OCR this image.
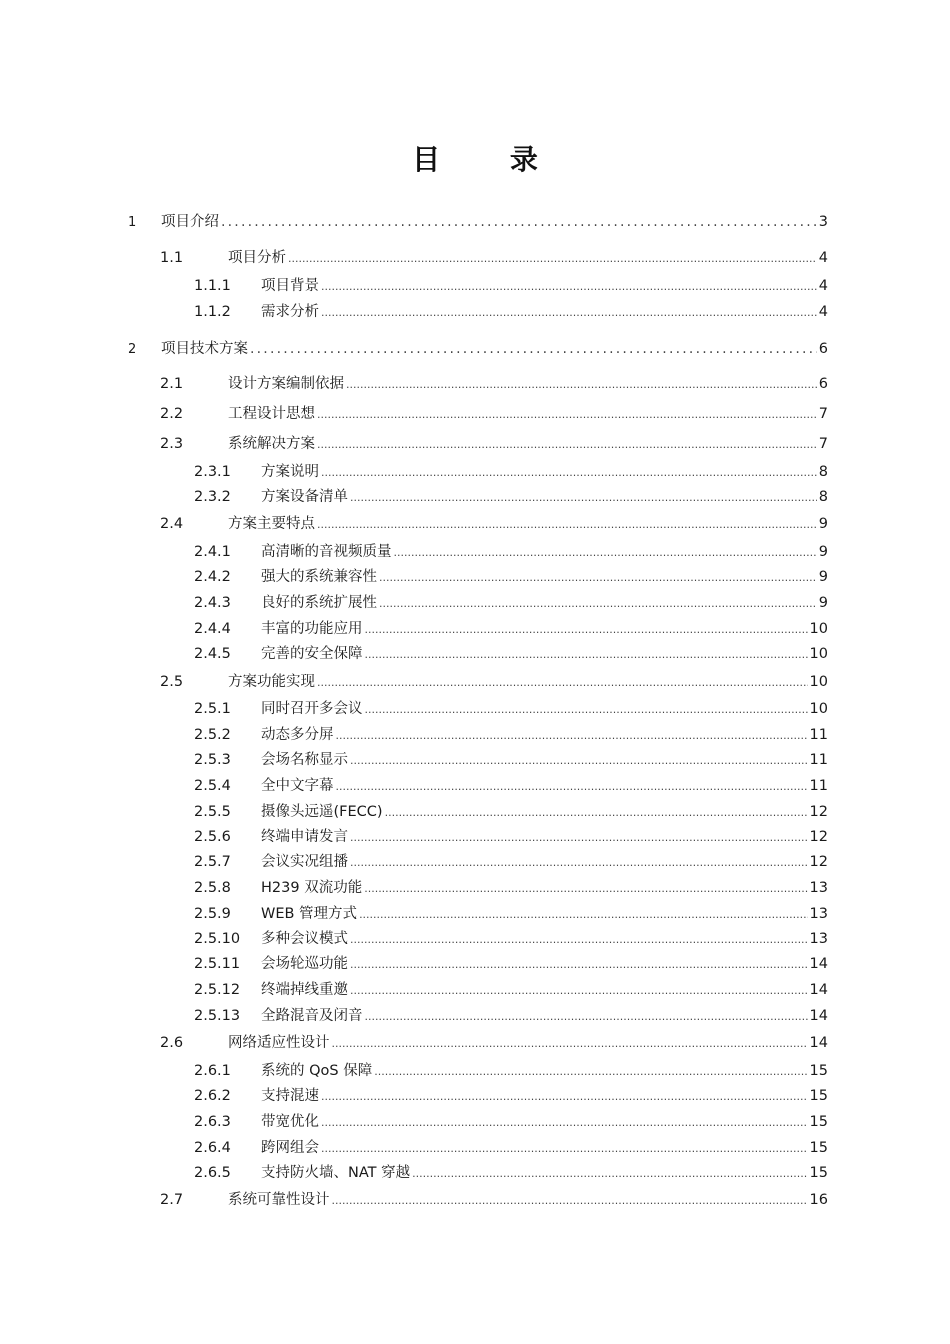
目 录
1	项目介绍 .....	3
1.1	项目分析 .....	4
1.1.1	项目背景 .....	4
1.1.2	需求分析 .....	4
2	项目技术方案 .....	6
2.1	设计方案编制依据 .....	6
2.2	工程设计思想 .....	7
2.3	系统解决方案 .....	7
2.3.1	方案说明 .....	8
2.3.2	方案设备清单 .....	8
2.4	方案主要特点 .....	9
2.4.1	高清晰的音视频质量 .....	9
2.4.2	强大的系统兼容性 .....	9
2.4.3	良好的系统扩展性 .....	9
2.4.4	丰富的功能应用 .....	10
2.4.5	完善的安全保障 .....	10
2.5	方案功能实现 .....	10
2.5.1	同时召开多会议 .....	10
2.5.2	动态多分屏 .....	11
2.5.3	会场名称显示 .....	11
2.5.4	全中文字幕 .....	11
2.5.5	摄像头远遥(FECC) .....	12
2.5.6	终端申请发言 .....	12
2.5.7	会议实况组播 .....	12
2.5.8	H239 双流功能 .....	13
2.5.9	WEB 管理方式 .....	13
2.5.10	多种会议模式 .....	13
2.5.11	会场轮巡功能 .....	14
2.5.12	终端掉线重邀 .....	14
2.5.13	全路混音及闭音 .....	14
2.6	网络适应性设计 .....	14
2.6.1	系统的 QoS 保障 .....	15
2.6.2	支持混速 .....	15
2.6.3	带宽优化 .....	15
2.6.4	跨网组会 .....	15
2.6.5	支持防火墙、NAT 穿越 .....	15
2.7	系统可靠性设计 .....	16
